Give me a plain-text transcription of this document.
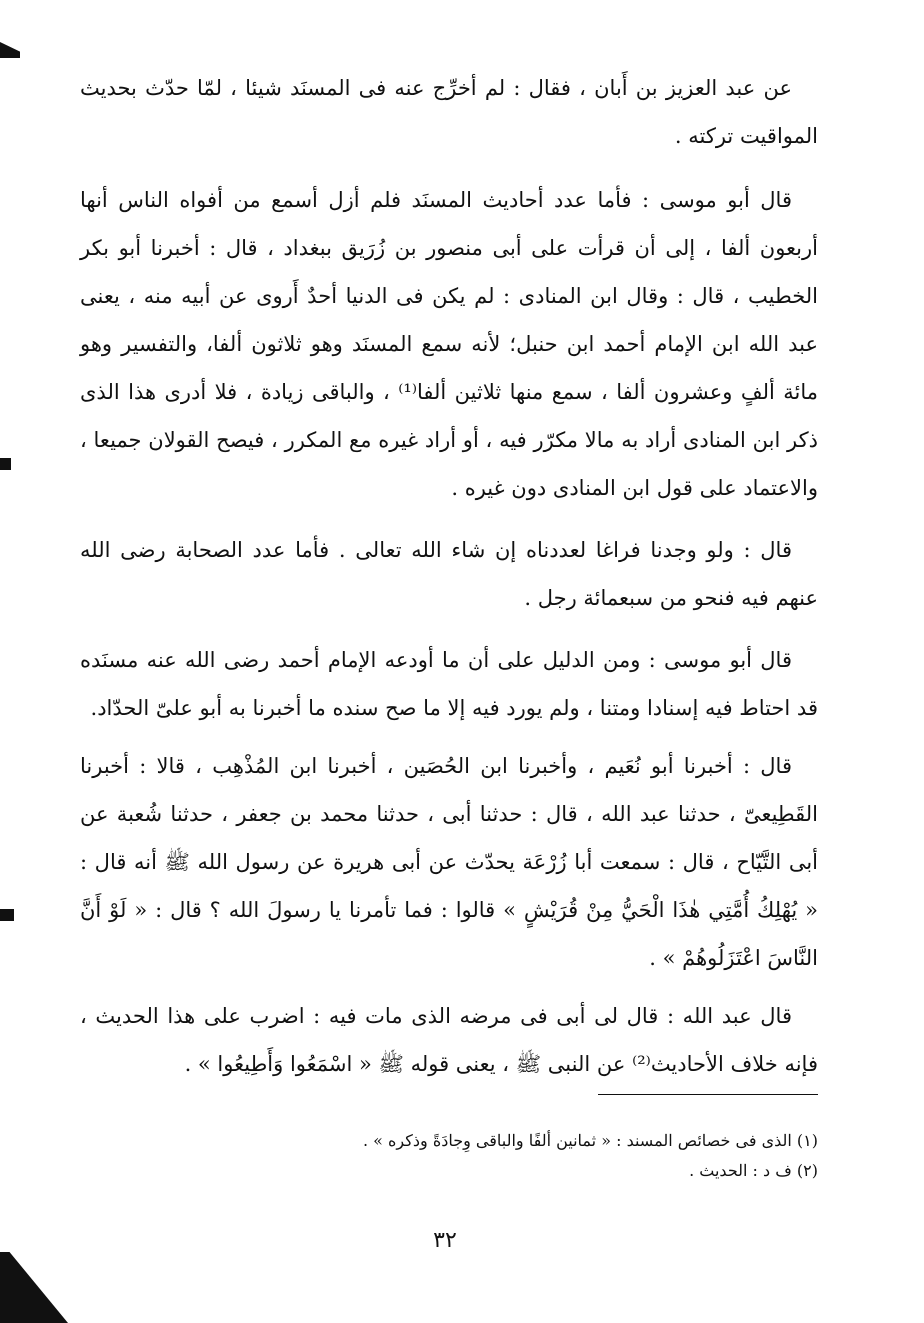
عن عبد العزيز بن أَبان ، فقال : لم أخرِّج عنه فى المسنَد شيئا ، لمّا حدّث بحديث المواقيت تركته .

قال أبو موسى : فأما عدد أحاديث المسنَد فلم أزل أسمع من أفواه الناس أنها أربعون ألفا ، إلى أن قرأت على أبى منصور بن زُرَيق ببغداد ، قال : أخبرنا أبو بكر الخطيب ، قال : وقال ابن المنادى : لم يكن فى الدنيا أحدٌ أَروى عن أبيه منه ، يعنى عبد الله ابن الإمام أحمد ابن حنبل؛ لأنه سمع المسنَد وهو ثلاثون ألفا، والتفسير وهو مائة ألفٍ وعشرون ألفا ، سمع منها ثلاثين ألفا⁽¹⁾ ، والباقى زيادة ، فلا أدرى هذا الذى ذكر ابن المنادى أراد به مالا مكرّر فيه ، أو أراد غيره مع المكرر ، فيصح القولان جميعا ، والاعتماد على قول ابن المنادى دون غيره .

قال : ولو وجدنا فراغا لعددناه إن شاء الله تعالى . فأما عدد الصحابة رضى الله عنهم فيه فنحو من سبعمائة رجل .

قال أبو موسى : ومن الدليل على أن ما أودعه الإمام أحمد رضى الله عنه مسنَده قد احتاط فيه إسنادا ومتنا ، ولم يورد فيه إلا ما صح سنده ما أخبرنا به أبو علىّ الحدّاد.

قال : أخبرنا أبو نُعَيم ، وأخبرنا ابن الحُصَين ، أخبرنا ابن المُذْهِب ، قالا : أخبرنا القَطِيعىّ ، حدثنا عبد الله ، قال : حدثنا أبى ، حدثنا محمد بن جعفر ، حدثنا شُعبة عن أبى التَّيّاح ، قال : سمعت أبا زُرْعَة يحدّث عن أبى هريرة عن رسول الله ﷺ أنه قال : « يُهْلِكُ أُمَّتِي هٰذَا الْحَيُّ مِنْ قُرَيْشٍ » قالوا : فما تأمرنا يا رسولَ الله ؟ قال : « لَوْ أَنَّ النَّاسَ اعْتَزَلُوهُمْ » .

قال عبد الله : قال لى أبى فى مرضه الذى مات فيه : اضرب على هذا الحديث ، فإنه خلاف الأحاديث⁽²⁾ عن النبى ﷺ ، يعنى قوله ﷺ « اسْمَعُوا وَأَطِيعُوا » .

(١) الذى فى خصائص المسند : « ثمانين ألفًا والباقى وِجادَةً وذكره » .

(٢) ف د : الحديث .

٣٢
